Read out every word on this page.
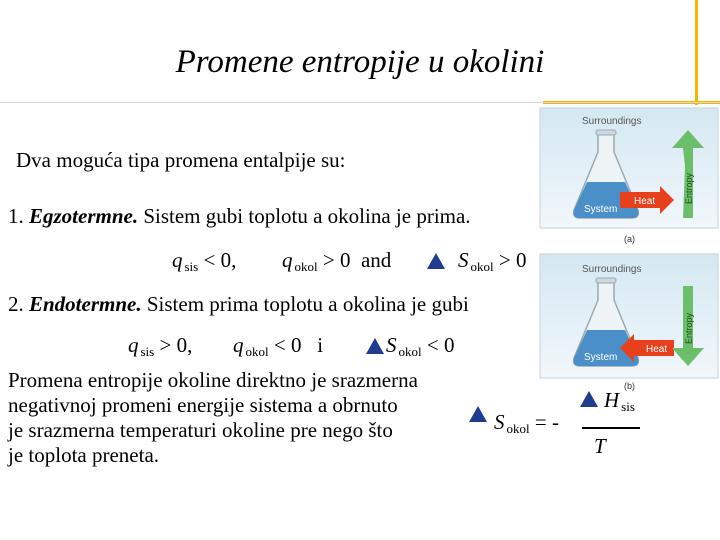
Promene entropije u okolini
Dva moguća tipa promena entalpije su:
1. Egzotermne. Sistem gubi toplotu a okolina je prima.
q $_{sis}$ < 0, q $_{okol}$ > 0 and	S $_{okol}$ > 0
2. Endotermne. Sistem prima toplotu a okolina je gubi
q $_{sis}$ > 0, q $_{okol}$ < 0 i	S $_{okol}$ < 0
Promena entropije okoline direktno je srazmerna
negativnoj promeni energije sistema a obrnuto
je srazmerna temperaturi okoline pre nego što
je toplota preneta.
S $_{okol}$ = -
H $_{sis}$
T
Surroundings
System
Heat	Entropy
(a)
Surroundings
System
Heat
Entropy
(b)
